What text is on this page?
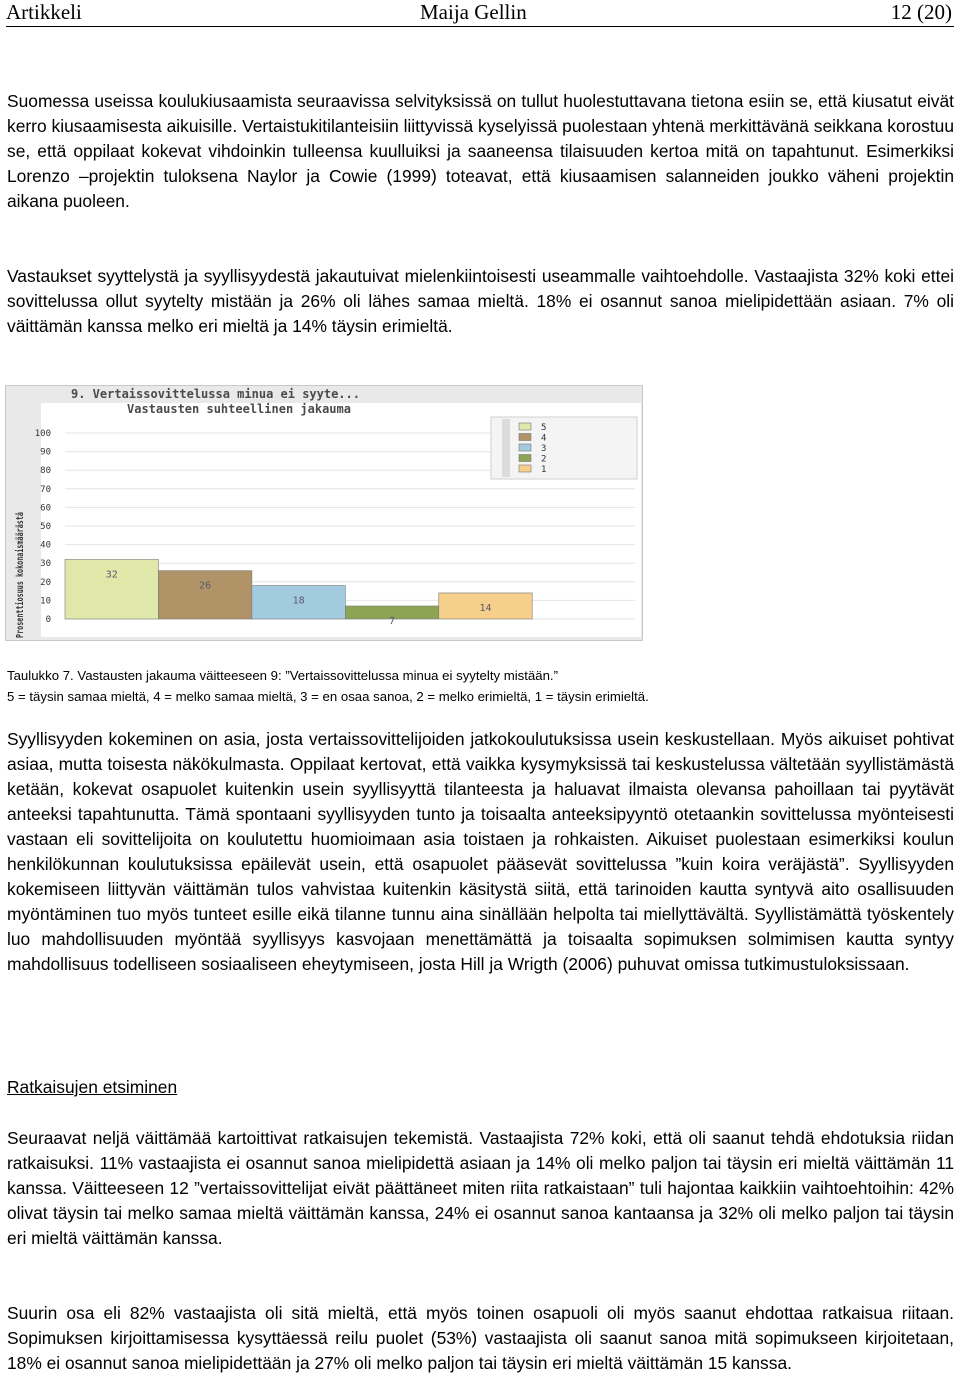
Artikkeli	Maija Gellin	12 (20)

Suomessa useissa koulukiusaamista seuraavissa selvityksissä on tullut huolestuttavana tietona esiin se, että kiusatut eivät kerro kiusaamisesta aikuisille. Vertaistukitilanteisiin liittyvissä kyselyissä puolestaan yhtenä merkittävänä seikkana korostuu se, että oppilaat kokevat vihdoinkin tulleensa kuulluiksi ja saaneensa tilaisuuden kertoa mitä on tapahtunut. Esimerkiksi Lorenzo –projektin tuloksena Naylor ja Cowie (1999) toteavat, että kiusaamisen salanneiden joukko väheni projektin aikana puoleen.

Vastaukset syyttelystä ja syyllisyydestä jakautuivat mielenkiintoisesti useammalle vaihtoehdolle. Vastaajista 32% koki ettei sovittelussa ollut syytelty mistään ja 26% oli lähes samaa mieltä. 18% ei osannut sanoa mielipidettään asiaan. 7% oli väittämän kanssa melko eri mieltä ja 14% täysin erimieltä.

9. Vertaissovittelussa minua ei syyte...
Vastausten suhteellinen jakauma
Prosenttiosuus kokonaismäärästä 0
10
20
30
40
50
60
70
80
90
100
32
26
18
7
14
5
4
3
2
1

Taulukko 7. Vastausten jakauma väitteeseen 9: ”Vertaissovittelussa minua ei syytelty mistään.”

5 = täysin samaa mieltä, 4 = melko samaa mieltä, 3 = en osaa sanoa, 2 = melko erimieltä, 1 = täysin erimieltä.

Syyllisyyden kokeminen on asia, josta vertaissovittelijoiden jatkokoulutuksissa usein keskustellaan. Myös aikuiset pohtivat asiaa, mutta toisesta näkökulmasta. Oppilaat kertovat, että vaikka kysymyksissä tai keskustelussa vältetään syyllistämästä ketään, kokevat osapuolet kuitenkin usein syyllisyyttä tilanteesta ja haluavat ilmaista olevansa pahoillaan tai pyytävät anteeksi tapahtunutta. Tämä spontaani syyllisyyden tunto ja toisaalta anteeksipyyntö otetaankin sovittelussa myönteisesti vastaan eli sovittelijoita on koulutettu huomioimaan asia toistaen ja rohkaisten. Aikuiset puolestaan esimerkiksi koulun henkilökunnan koulutuksissa epäilevät usein, että osapuolet pääsevät sovittelussa ”kuin koira veräjästä”. Syyllisyyden kokemiseen liittyvän väittämän tulos vahvistaa kuitenkin käsitystä siitä, että tarinoiden kautta syntyvä aito osallisuuden myöntäminen tuo myös tunteet esille eikä tilanne tunnu aina sinällään helpolta tai miellyttävältä. Syyllistämättä työskentely luo mahdollisuuden myöntää syyllisyys kasvojaan menettämättä ja toisaalta sopimuksen solmimisen kautta syntyy mahdollisuus todelliseen sosiaaliseen eheytymiseen, josta Hill ja Wrigth (2006) puhuvat omissa tutkimustuloksissaan.

Ratkaisujen etsiminen

Seuraavat neljä väittämää kartoittivat ratkaisujen tekemistä. Vastaajista 72% koki, että oli saanut tehdä ehdotuksia riidan ratkaisuksi. 11% vastaajista ei osannut sanoa mielipidettä asiaan ja 14% oli melko paljon tai täysin eri mieltä väittämän 11 kanssa. Väitteeseen 12 ”vertaissovittelijat eivät päättäneet miten riita ratkaistaan” tuli hajontaa kaikkiin vaihtoehtoihin: 42% olivat täysin tai melko samaa mieltä väittämän kanssa, 24% ei osannut sanoa kantaansa ja 32% oli melko paljon tai täysin eri mieltä väittämän kanssa.

Suurin osa eli 82% vastaajista oli sitä mieltä, että myös toinen osapuoli oli myös saanut ehdottaa ratkaisua riitaan. Sopimuksen kirjoittamisessa kysyttäessä reilu puolet (53%) vastaajista oli saanut sanoa mitä sopimukseen kirjoitetaan, 18% ei osannut sanoa mielipidettään ja 27% oli melko paljon tai täysin eri mieltä väittämän 15 kanssa.
